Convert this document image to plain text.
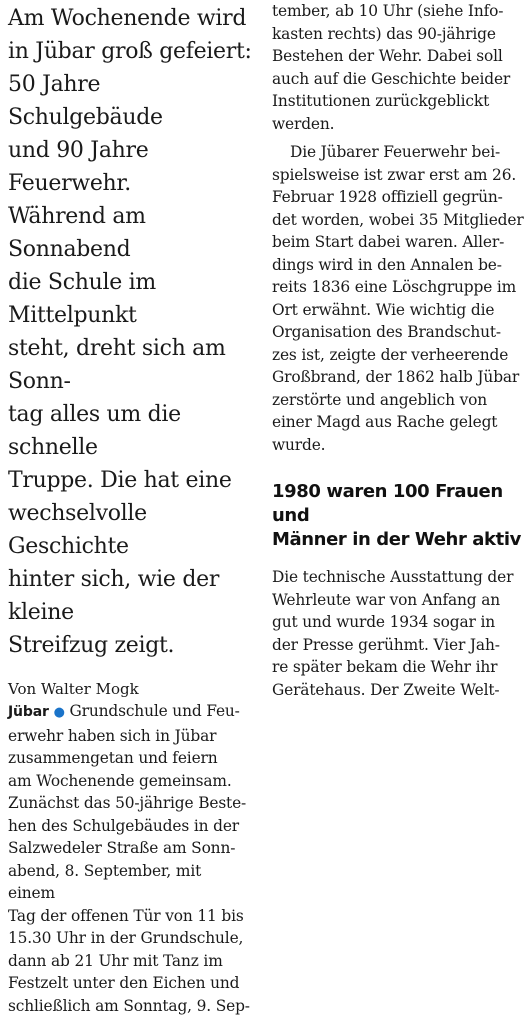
Am Wochenende wird
in Jübar groß gefeiert:
50 Jahre Schulgebäude
und 90 Jahre Feuerwehr.
Während am Sonnabend
die Schule im Mittelpunkt
steht, dreht sich am Sonn-
tag alles um die schnelle
Truppe. Die hat eine
wechselvolle Geschichte
hinter sich, wie der kleine
Streifzug zeigt.

Von Walter Mogk

Jübar ● Grundschule und Feu-
erwehr haben sich in Jübar
zusammengetan und feiern
am Wochenende gemeinsam.
Zunächst das 50-jährige Beste-
hen des Schulgebäudes in der
Salzwedeler Straße am Sonn-
abend, 8. September, mit einem
Tag der offenen Tür von 11 bis
15.30 Uhr in der Grundschule,
dann ab 21 Uhr mit Tanz im
Festzelt unter den Eichen und
schließlich am Sonntag, 9. Sep-

tember, ab 10 Uhr (siehe Info-
kasten rechts) das 90-jährige
Bestehen der Wehr. Dabei soll
auch auf die Geschichte beider
Institutionen zurückgeblickt
werden.

Die Jübarer Feuerwehr bei-
spielsweise ist zwar erst am 26.
Februar 1928 offiziell gegrün-
det worden, wobei 35 Mitglieder
beim Start dabei waren. Aller-
dings wird in den Annalen be-
reits 1836 eine Löschgruppe im
Ort erwähnt. Wie wichtig die
Organisation des Brandschut-
zes ist, zeigte der verheerende
Großbrand, der 1862 halb Jübar
zerstörte und angeblich von
einer Magd aus Rache gelegt
wurde.

1980 waren 100 Frauen und
Männer in der Wehr aktiv

Die technische Ausstattung der
Wehrleute war von Anfang an
gut und wurde 1934 sogar in
der Presse gerühmt. Vier Jah-
re später bekam die Wehr ihr
Gerätehaus. Der Zweite Welt-
